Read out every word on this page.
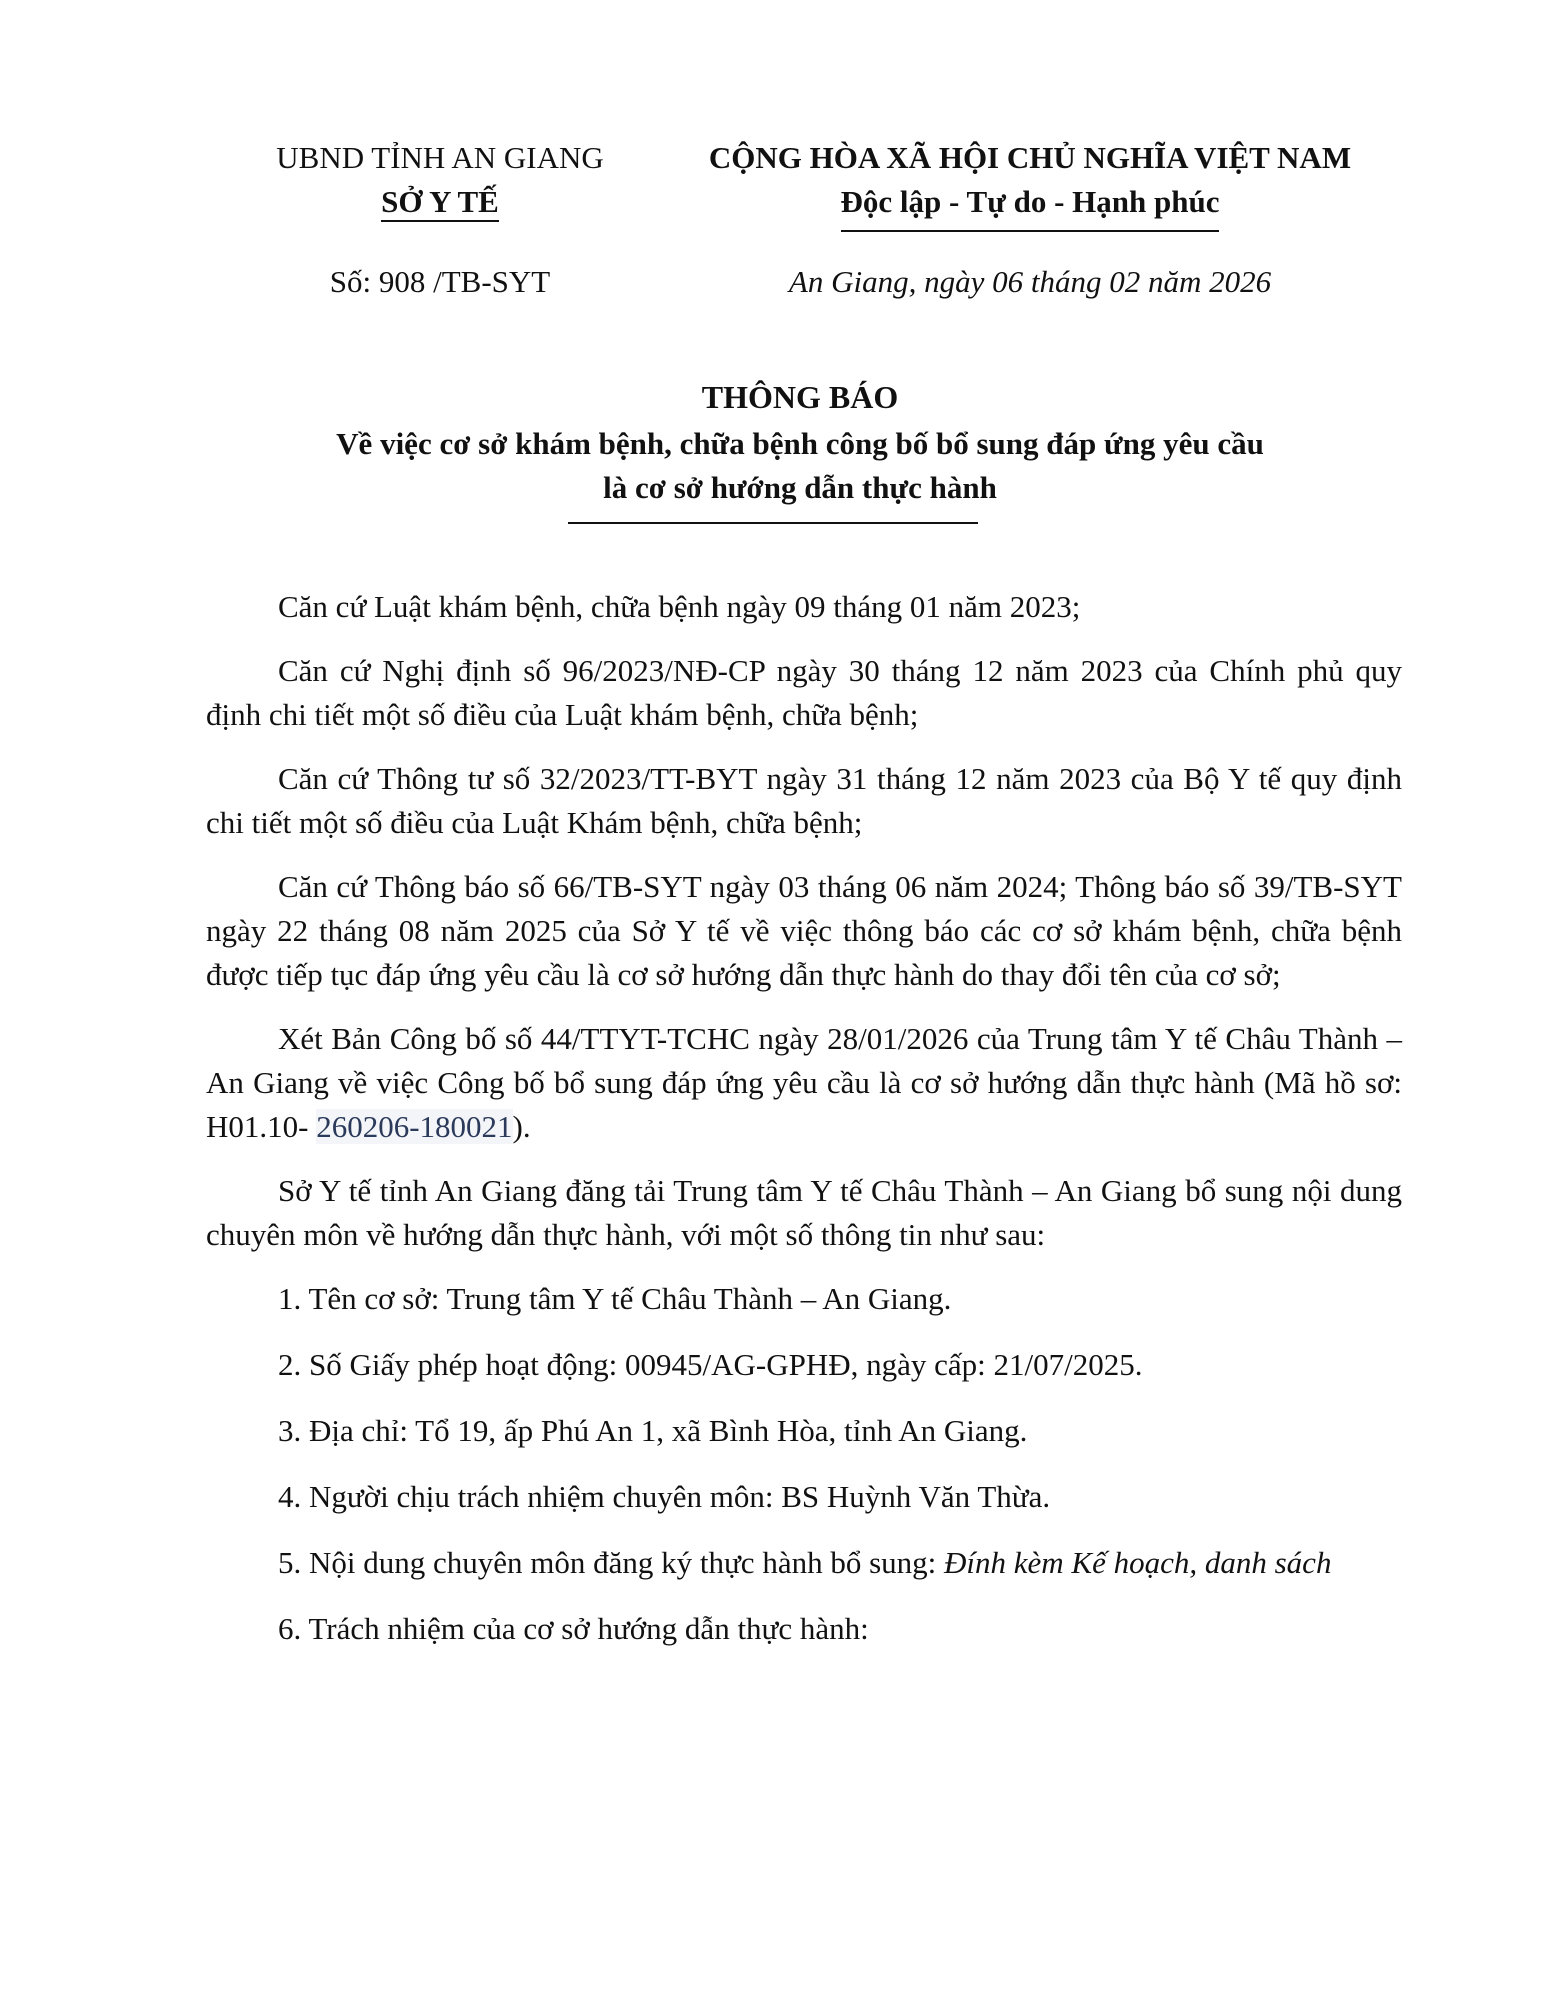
UBND TỈNH AN GIANG
SỞ Y TẾ
Số: 908 /TB-SYT
CỘNG HÒA XÃ HỘI CHỦ NGHĨA VIỆT NAM
Độc lập - Tự do - Hạnh phúc
An Giang, ngày 06 tháng 02 năm 2026
THÔNG BÁO
Về việc cơ sở khám bệnh, chữa bệnh công bố bổ sung đáp ứng yêu cầu
là cơ sở hướng dẫn thực hành

Căn cứ Luật khám bệnh, chữa bệnh ngày 09 tháng 01 năm 2023;

Căn cứ Nghị định số 96/2023/NĐ-CP ngày 30 tháng 12 năm 2023 của Chính phủ quy định chi tiết một số điều của Luật khám bệnh, chữa bệnh;

Căn cứ Thông tư số 32/2023/TT-BYT ngày 31 tháng 12 năm 2023 của Bộ Y tế quy định chi tiết một số điều của Luật Khám bệnh, chữa bệnh;

Căn cứ Thông báo số 66/TB-SYT ngày 03 tháng 06 năm 2024; Thông báo số 39/TB-SYT ngày 22 tháng 08 năm 2025 của Sở Y tế về việc thông báo các cơ sở khám bệnh, chữa bệnh được tiếp tục đáp ứng yêu cầu là cơ sở hướng dẫn thực hành do thay đổi tên của cơ sở;

Xét Bản Công bố số 44/TTYT-TCHC ngày 28/01/2026 của Trung tâm Y tế Châu Thành – An Giang về việc Công bố bổ sung đáp ứng yêu cầu là cơ sở hướng dẫn thực hành (Mã hồ sơ: H01.10- 260206-180021).

Sở Y tế tỉnh An Giang đăng tải Trung tâm Y tế Châu Thành – An Giang bổ sung nội dung chuyên môn về hướng dẫn thực hành, với một số thông tin như sau:

1. Tên cơ sở: Trung tâm Y tế Châu Thành – An Giang.

2. Số Giấy phép hoạt động: 00945/AG-GPHĐ, ngày cấp: 21/07/2025.

3. Địa chỉ: Tổ 19, ấp Phú An 1, xã Bình Hòa, tỉnh An Giang.

4. Người chịu trách nhiệm chuyên môn: BS Huỳnh Văn Thừa.

5. Nội dung chuyên môn đăng ký thực hành bổ sung: Đính kèm Kế hoạch, danh sách

6. Trách nhiệm của cơ sở hướng dẫn thực hành:
